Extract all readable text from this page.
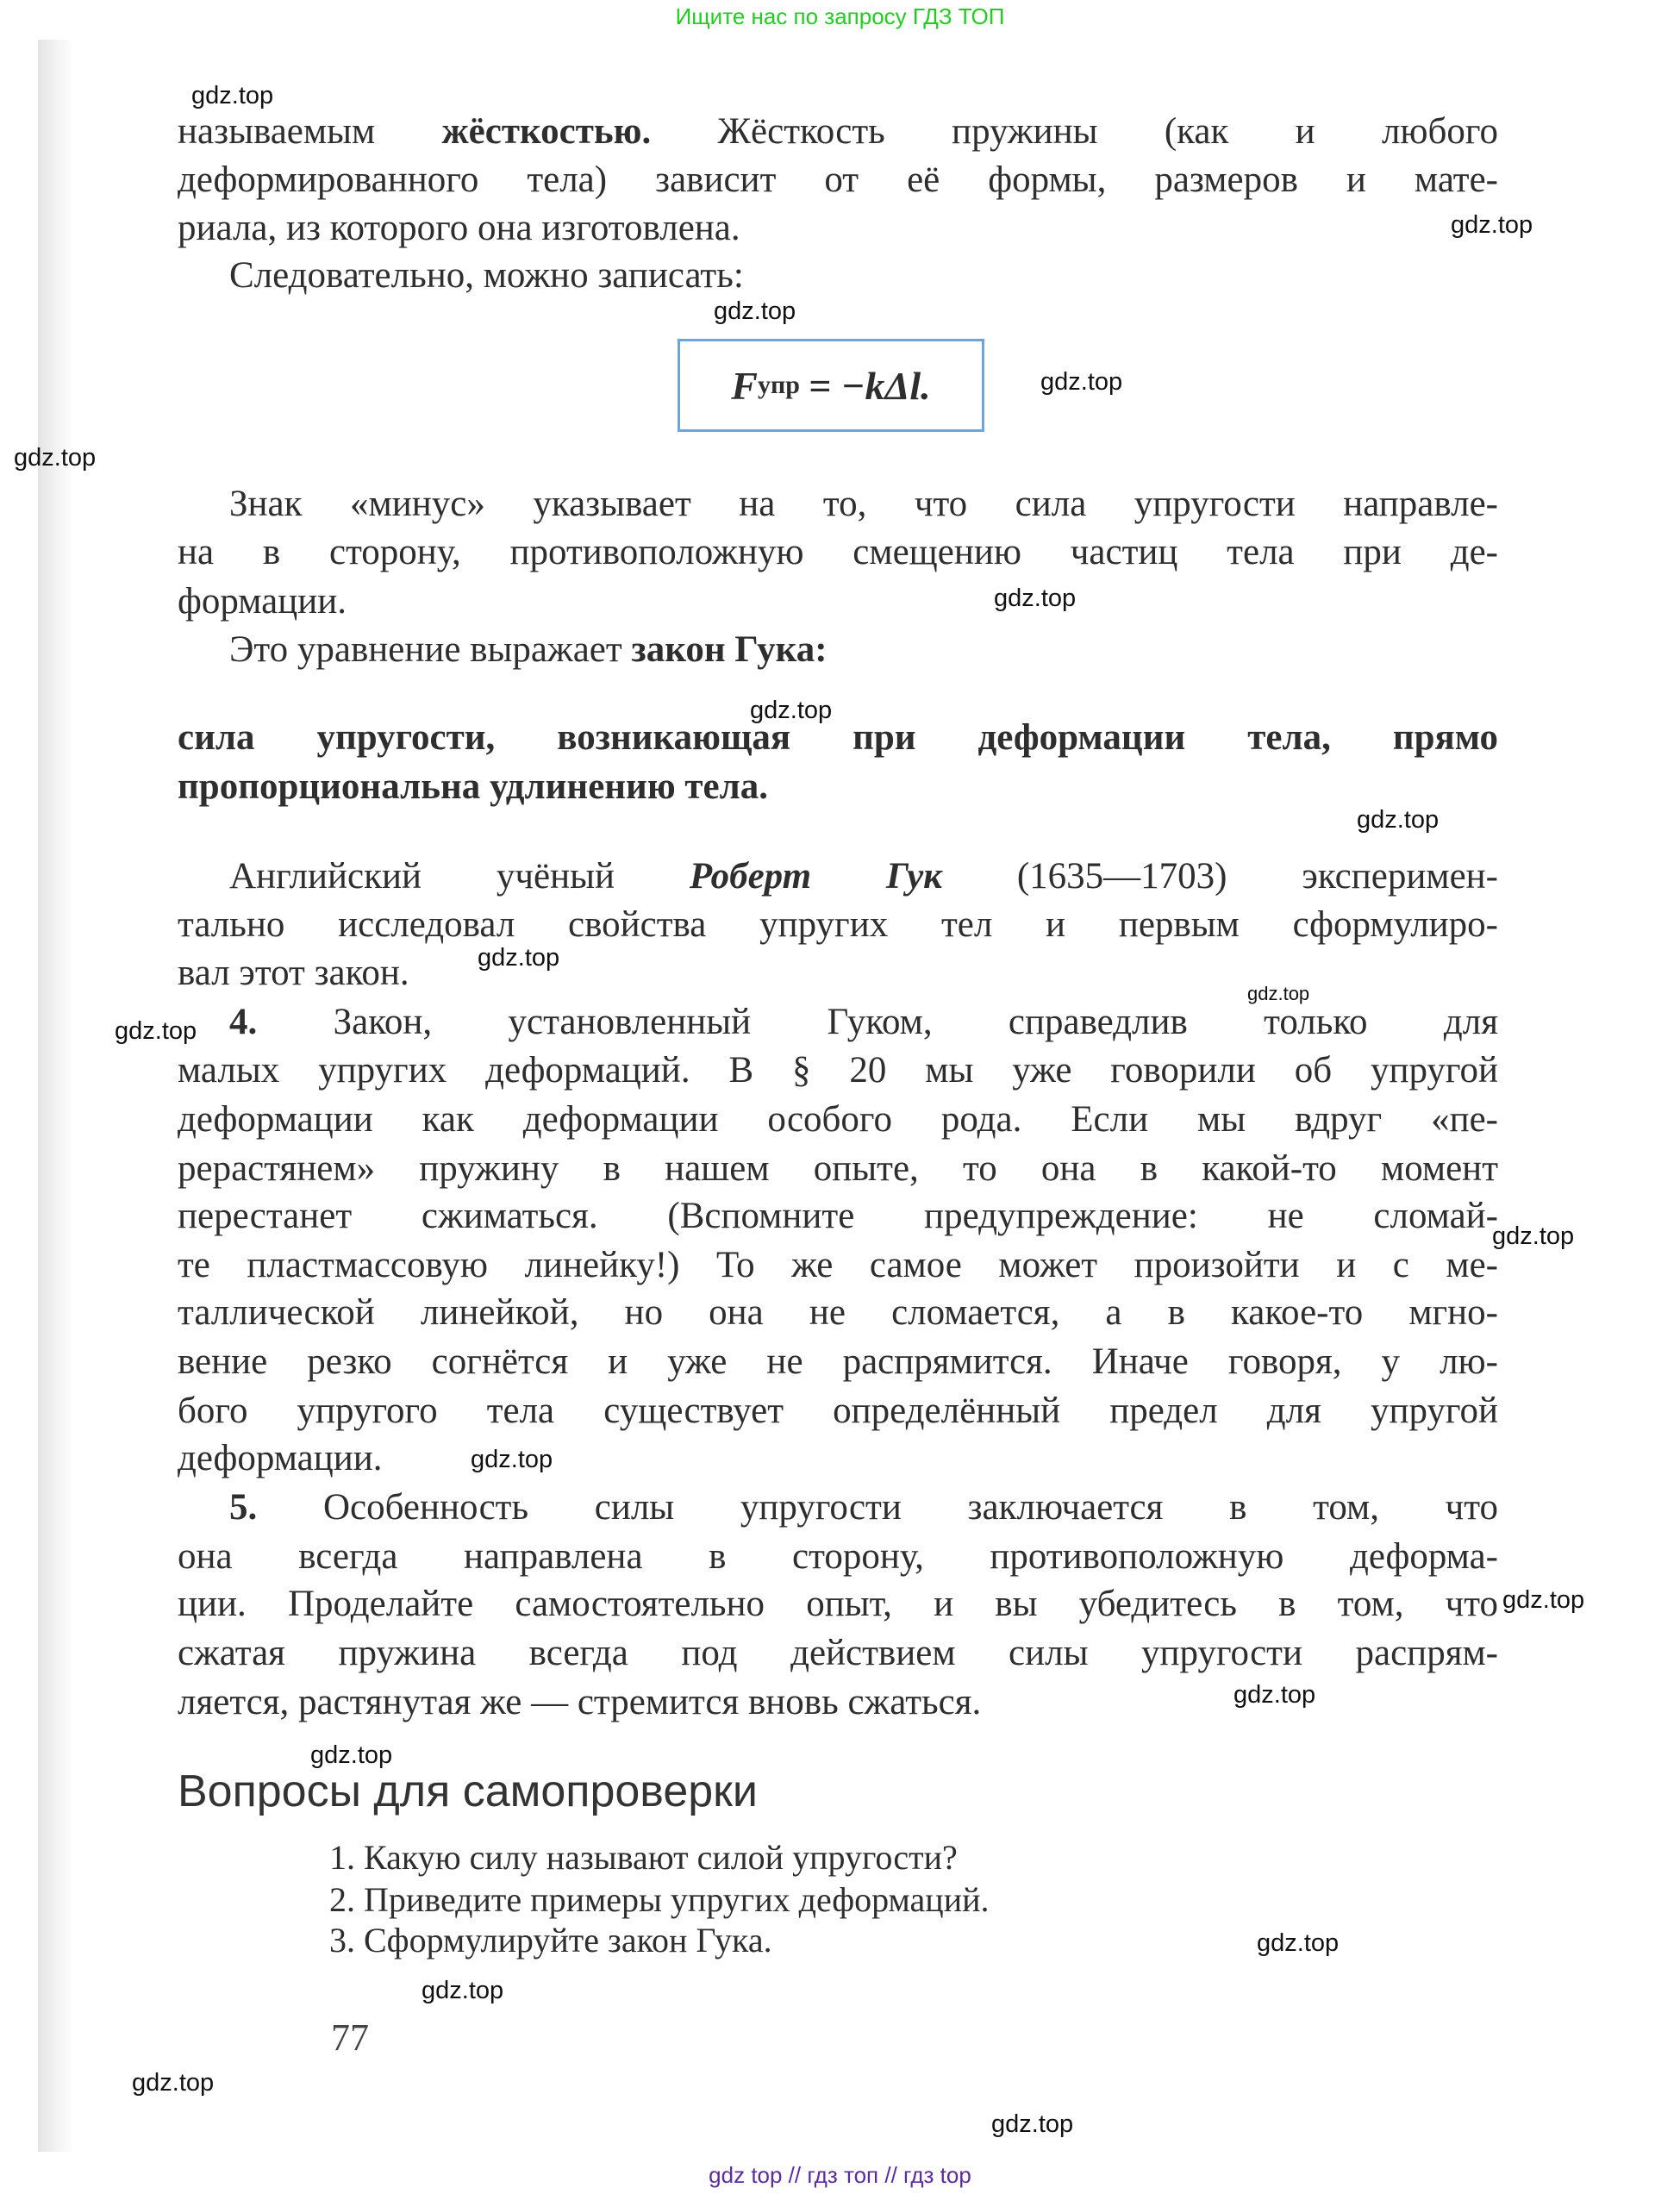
Ищите нас по запросу ГДЗ ТОП
называемым жёсткостью. Жёсткость пружины (как и любого
деформированного тела) зависит от её формы, размеров и мате-
риала, из которого она изготовлена.
Следовательно, можно записать:
Знак «минус» указывает на то, что сила упругости направле-
на в сторону, противоположную смещению частиц тела при де-
формации.
Это уравнение выражает закон Гука:
сила упругости, возникающая при деформации тела, прямо
пропорциональна удлинению тела.
Английский учёный Роберт Гук (1635—1703) эксперимен-
тально исследовал свойства упругих тел и первым сформулиро-
вал этот закон.
4. Закон, установленный Гуком, справедлив только для
малых упругих деформаций. В § 20 мы уже говорили об упругой
деформации как деформации особого рода. Если мы вдруг «пе-
рерастянем» пружину в нашем опыте, то она в какой-то момент
перестанет сжиматься. (Вспомните предупреждение: не сломай-
те пластмассовую линейку!) То же самое может произойти и с ме-
таллической линейкой, но она не сломается, а в какое-то мгно-
вение резко согнётся и уже не распрямится. Иначе говоря, у лю-
бого упругого тела существует определённый предел для упругой
деформации.
5. Особенность силы упругости заключается в том, что
она всегда направлена в сторону, противоположную деформа-
ции. Проделайте самостоятельно опыт, и вы убедитесь в том, что
сжатая пружина всегда под действием силы упругости распрям-
ляется, растянутая же — стремится вновь сжаться.
F упр = −kΔl.
Вопросы для самопроверки
1. Какую силу называют силой упругости?
2. Приведите примеры упругих деформаций.
3. Сформулируйте закон Гука.
77
gdz.top
gdz.top
gdz.top
gdz.top
gdz.top
gdz.top
gdz.top
gdz.top
gdz.top
gdz.top
gdz.top
gdz.top
gdz.top
gdz.top
gdz.top
gdz.top
gdz.top
gdz.top
gdz.top
gdz.top
gdz top // гдз топ // гдз top
